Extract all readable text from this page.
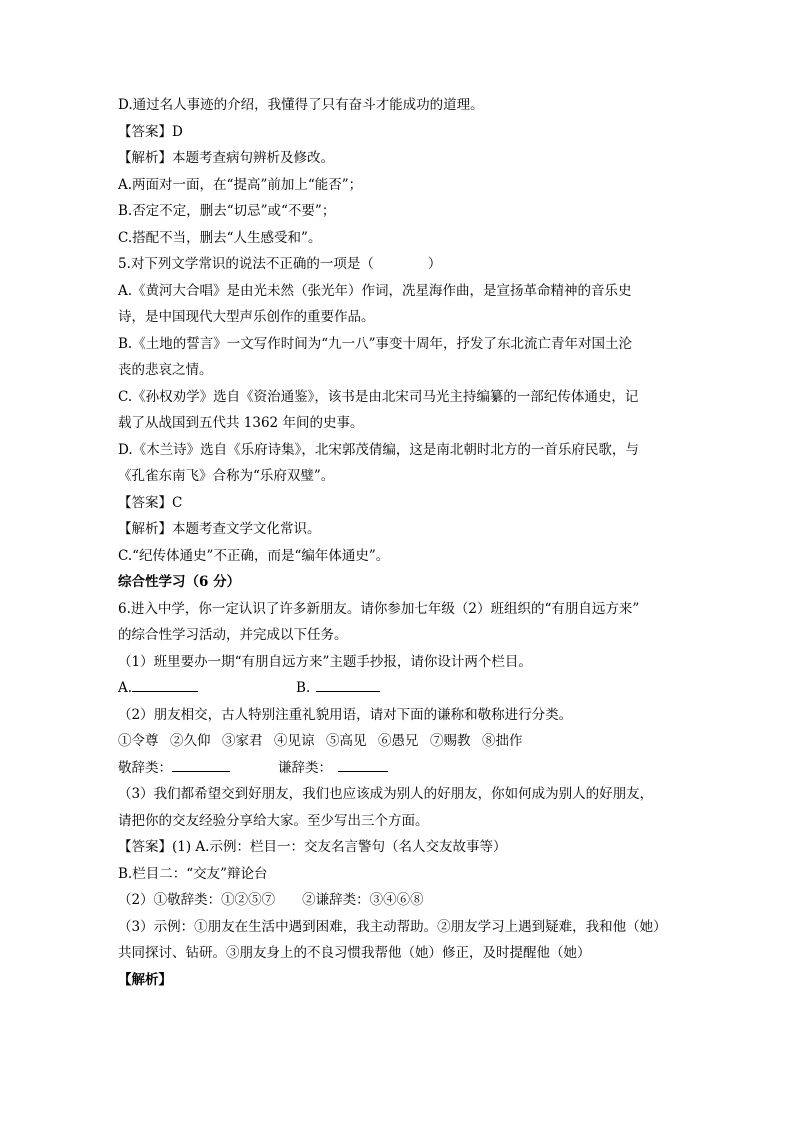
D.通过名人事迹的介绍，我懂得了只有奋斗才能成功的道理。

【答案】D

【解析】本题考查病句辨析及修改。

A.两面对一面，在“提高”前加上“能否”；

B.否定不定，删去“切忌”或“不要”；

C.搭配不当，删去“人生感受和”。

5.对下列文学常识的说法不正确的一项是（　　　　）

A.《黄河大合唱》是由光未然（张光年）作词，冼星海作曲，是宣扬革命精神的音乐史

诗，是中国现代大型声乐创作的重要作品。

B.《土地的誓言》一文写作时间为“九一八”事变十周年，抒发了东北流亡青年对国土沦

丧的悲哀之情。

C.《孙权劝学》选自《资治通鉴》，该书是由北宋司马光主持编纂的一部纪传体通史，记

载了从战国到五代共 1362 年间的史事。

D.《木兰诗》选自《乐府诗集》，北宋郭茂倩编，这是南北朝时北方的一首乐府民歌，与

《孔雀东南飞》合称为“乐府双璧”。

【答案】C

【解析】本题考查文学文化常识。

C.“纪传体通史”不正确，而是“编年体通史”。

综合性学习（6 分）

6.进入中学，你一定认识了许多新朋友。请你参加七年级（2）班组织的“有朋自远方来”

的综合性学习活动，并完成以下任务。

（1）班里要办一期“有朋自远方来”主题手抄报，请你设计两个栏目。

A.	B.

（2）朋友相交，古人特别注重礼貌用语，请对下面的谦称和敬称进行分类。

①令尊 ②久仰 ③家君 ④见谅 ⑤高见 ⑥愚兄 ⑦赐教 ⑧拙作

敬辞类：	谦辞类：

（3）我们都希望交到好朋友，我们也应该成为别人的好朋友，你如何成为别人的好朋友，

请把你的交友经验分享给大家。至少写出三个方面。

【答案】(1) A.示例：栏目一：交友名言警句（名人交友故事等）

B.栏目二：“交友”辩论台

（2）①敬辞类：①②⑤⑦　　②谦辞类：③④⑥⑧

（3）示例：①朋友在生活中遇到困难，我主动帮助。②朋友学习上遇到疑难，我和他（她）

共同探讨、钻研。③朋友身上的不良习惯我帮他（她）修正，及时提醒他（她）

【解析】
